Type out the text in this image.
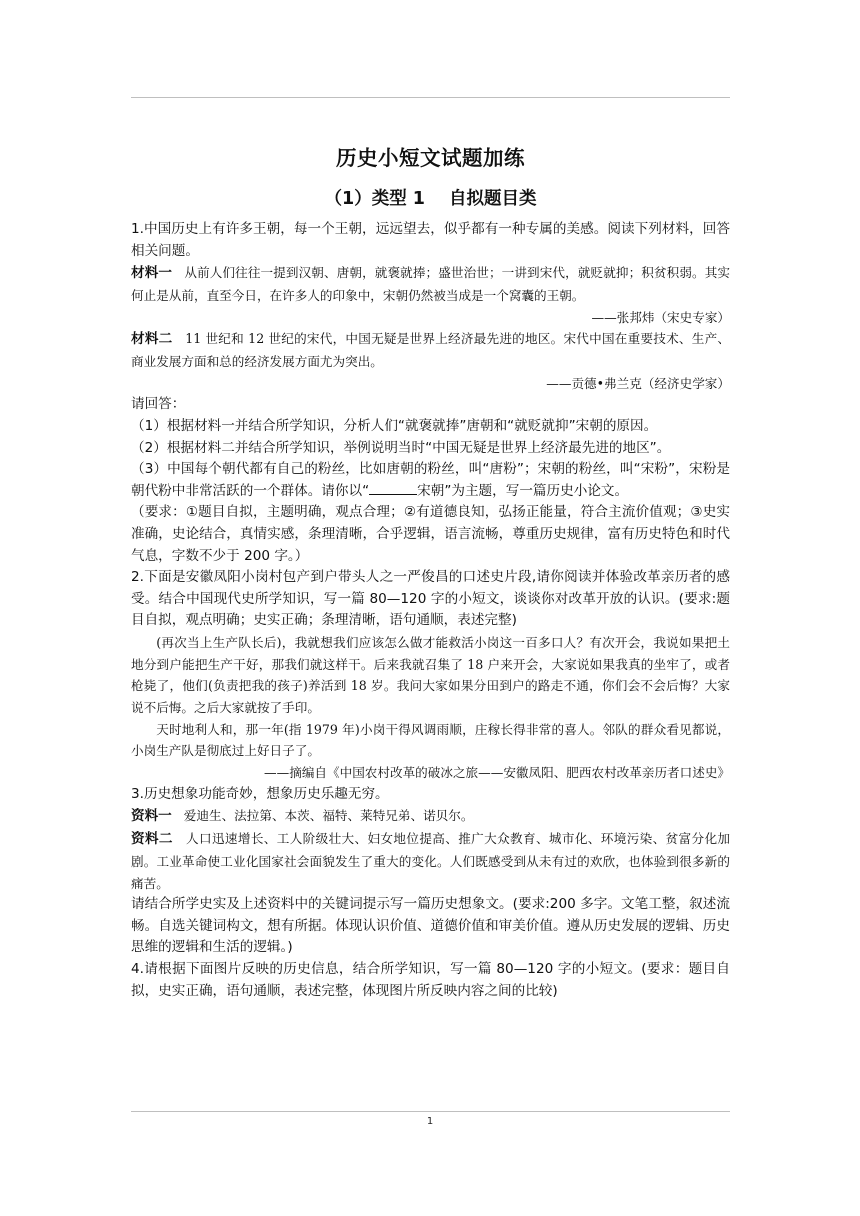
历史小短文试题加练
（1）类型 1 自拟题目类

1.中国历史上有许多王朝，每一个王朝，远远望去，似乎都有一种专属的美感。阅读下列材料，回答相关问题。

材料一 从前人们往往一提到汉朝、唐朝，就褒就捧；盛世治世；一讲到宋代，就贬就抑；积贫积弱。其实何止是从前，直至今日，在许多人的印象中，宋朝仍然被当成是一个窝囊的王朝。

——张邦炜（宋史专家）

材料二 11 世纪和 12 世纪的宋代，中国无疑是世界上经济最先进的地区。宋代中国在重要技术、生产、商业发展方面和总的经济发展方面尤为突出。

——贡德•弗兰克（经济史学家）

请回答：

（1）根据材料一并结合所学知识，分析人们“就褒就捧”唐朝和“就贬就抑”宋朝的原因。

（2）根据材料二并结合所学知识，举例说明当时“中国无疑是世界上经济最先进的地区”。

（3）中国每个朝代都有自己的粉丝，比如唐朝的粉丝，叫“唐粉”；宋朝的粉丝，叫“宋粉”，宋粉是朝代粉中非常活跃的一个群体。请你以“	宋朝”为主题，写一篇历史小论文。

（要求：①题目自拟，主题明确，观点合理；②有道德良知，弘扬正能量，符合主流价值观；③史实准确，史论结合，真情实感，条理清晰，合乎逻辑，语言流畅，尊重历史规律，富有历史特色和时代气息，字数不少于 200 字。）

2.下面是安徽凤阳小岗村包产到户带头人之一严俊昌的口述史片段,请你阅读并体验改革亲历者的感受。结合中国现代史所学知识，写一篇 80—120 字的小短文，谈谈你对改革开放的认识。(要求:题目自拟，观点明确；史实正确；条理清晰，语句通顺，表述完整)

(再次当上生产队长后)，我就想我们应该怎么做才能救活小岗这一百多口人？有次开会，我说如果把土地分到户能把生产干好，那我们就这样干。后来我就召集了 18 户来开会，大家说如果我真的坐牢了，或者枪毙了，他们(负责把我的孩子)养活到 18 岁。我问大家如果分田到户的路走不通，你们会不会后悔？大家说不后悔。之后大家就按了手印。

天时地利人和，那一年(指 1979 年)小岗干得风调雨顺，庄稼长得非常的喜人。邻队的群众看见都说，小岗生产队是彻底过上好日子了。

——摘编自《中国农村改革的破冰之旅——安徽凤阳、肥西农村改革亲历者口述史》

3.历史想象功能奇妙，想象历史乐趣无穷。

资料一 爱迪生、法拉第、本茨、福特、莱特兄弟、诺贝尔。

资料二 人口迅速增长、工人阶级壮大、妇女地位提高、推广大众教育、城市化、环境污染、贫富分化加剧。工业革命使工业化国家社会面貌发生了重大的变化。人们既感受到从未有过的欢欣，也体验到很多新的痛苦。

请结合所学史实及上述资料中的关键词提示写一篇历史想象文。(要求:200 多字。文笔工整，叙述流畅。自选关键词构文，想有所据。体现认识价值、道德价值和审美价值。遵从历史发展的逻辑、历史思维的逻辑和生活的逻辑。)

4.请根据下面图片反映的历史信息，结合所学知识，写一篇 80—120 字的小短文。(要求：题目自拟，史实正确，语句通顺，表述完整，体现图片所反映内容之间的比较)

1
